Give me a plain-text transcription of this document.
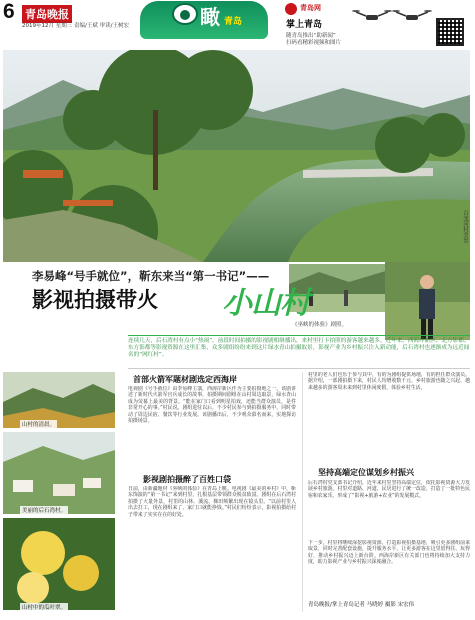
6 青岛晚报
2019年12月 星期三 责编/王斌 审读/王树宏	瞰 青岛
青岛网
掌上青岛
随青岛推出“助新闻”
扫码看精彩视频和图片
百变河村美景
《巫峡的体验》剧照。
李易峰“号手就位”，靳东来当“第一书记”——
影视拍摄带火 小山村

连续几天，后石湾村有点小“热闹”，前段时间拍摄的影视剧相继播出，来村里打卡拍照的游客越来越多。近年来，西海岸新区、北方影都、东方影都等影视资源在这里汇集，众多剧组纷纷来到这片绿水青山拍摄取景，影视产业为乡村振兴注入新动能，后石湾村也逐渐成为远近闻名的“网红村”。

山村的清晨。
美丽的后石湾村。
山村中的瓜叶翠。
首部火箭军题材剧选定西海岸
电视剧《号手就位》由李易峰主演，西海岸新区作为主要拍摄地之一。该剧讲述了新时代火箭军官兵成长的故事，拍摄期间剧组在山村周边取景，绿水青山成为荧幕上最美的背景。“能在家门口看到明星拍戏，还能当群众演员，是件非常开心的事。”村民说。剧组进驻以后，不少村民参与到拍摄服务中，同时带动了周边民宿、餐饮等行业发展。该剧播出后，不少观众慕名而来，实地探访拍摄场景。
影视剧拍摄醉了百姓口袋
日前，由新疆题材《巫峡的体验》在青岛上映。电视剧《最美的乡村》中，靳东饰演的“第一书记”来到村里，扎根基层带领群众脱贫致富。剧组在后石湾村拍摄了大量外景，村里的山林、溪流、梯田频繁出现在镜头里。“以前村里人出去打工，现在剧组来了，家门口就能挣钱。”村民们纷纷表示，影视拍摄给村子带来了实实在在的好处。
村里的老人们也乐于参与其中，有的为剧组提供场地，有的担任群众演员。据介绍，一部剧拍摄下来，村民人均增收数千元，乡村旅游也随之兴起，越来越多的游客周末来到村里休闲度假，体验乡村生活。
坚持高端定位谋划乡村振兴
后石湾村党支部书记介绍，近年来村里坚持高端定位，依托影视资源大力发展乡村旅游。村里对道路、河道、民居进行了统一改造，打造了一批特色民宿和农家乐，形成了“影视+旅游+农业”的发展模式。
下一步，村里将继续深挖影视资源，打造影视拍摄基地，吸引更多剧组前来取景，同时完善配套设施，提升服务水平，让更多游客在这里留得住、玩得好，推动乡村振兴迈上新台阶。西海岸新区有关部门也将持续加大支持力度，助力影视产业与乡村振兴深度融合。
青岛晚报/掌上青岛记者 马晓婷 摄影 宋宏伟
